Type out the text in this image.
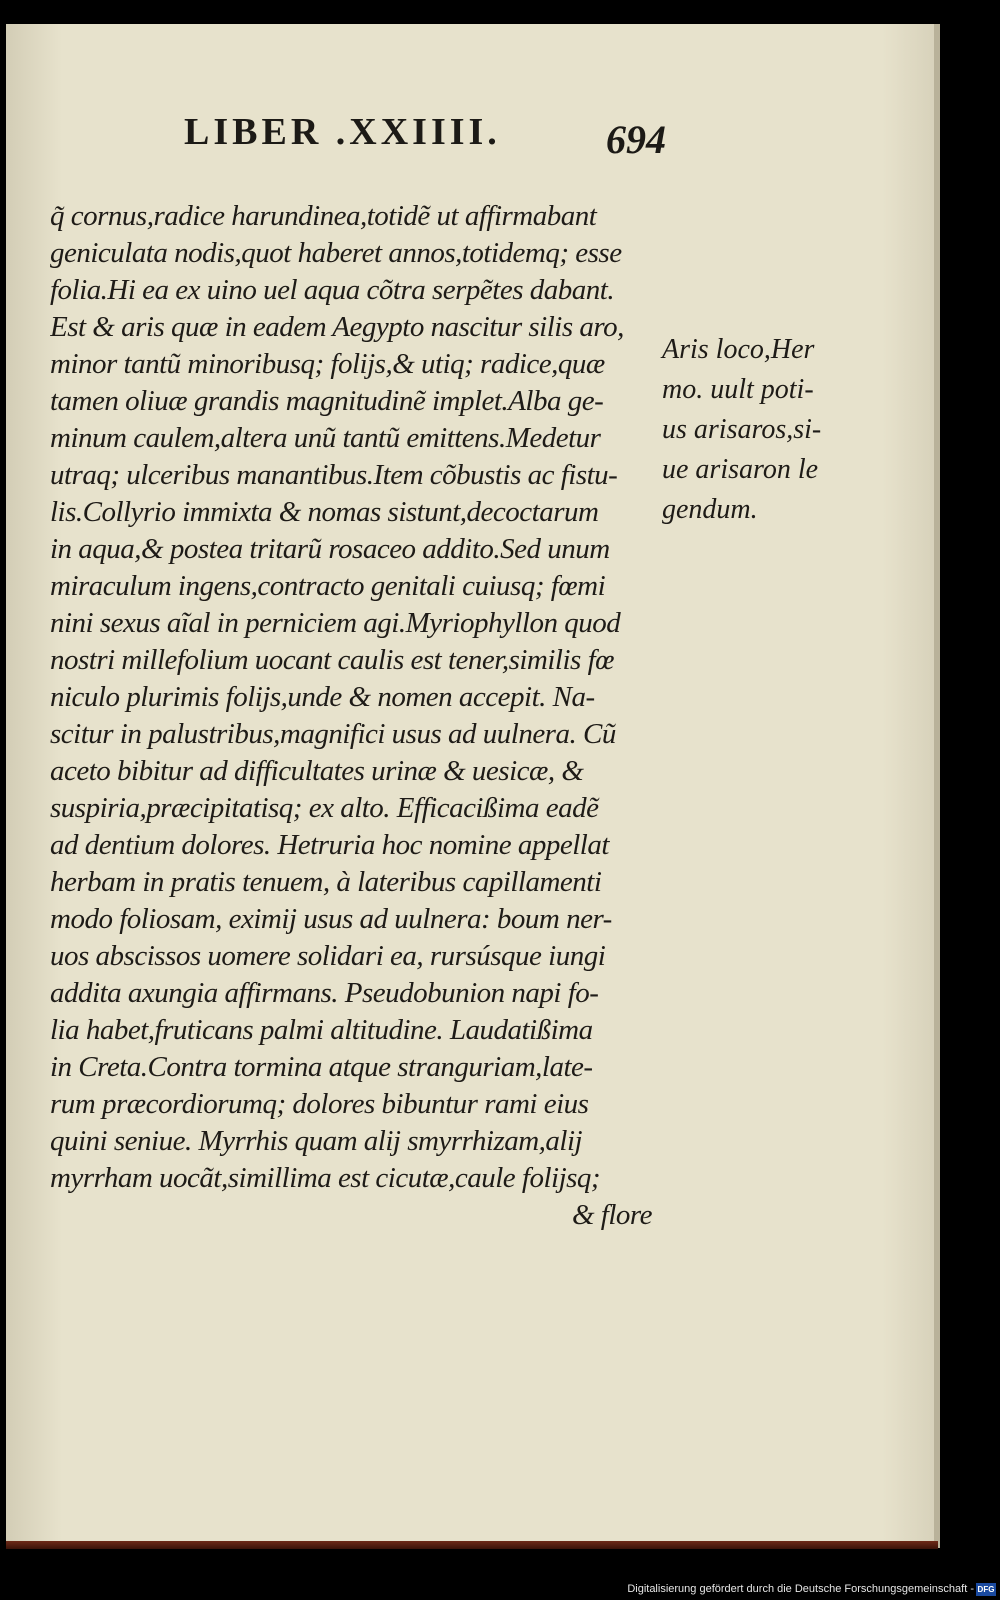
LIBER .XXIIII.	694
q̃ cornus,radice harundinea,totidẽ ut affirmabant
geniculata nodis,quot haberet annos,totidemq; esse
folia.Hi ea ex uino uel aqua cõtra serpẽtes dabant.
Est & aris quæ in eadem Aegypto nascitur silis aro,
minor tantũ minoribusq; folijs,& utiq; radice,quæ
tamen oliuæ grandis magnitudinẽ implet.Alba ge-
minum caulem,altera unũ tantũ emittens.Medetur
utraq; ulceribus manantibus.Item cõbustis ac fistu-
lis.Collyrio immixta & nomas sistunt,decoctarum
in aqua,& postea tritarũ rosaceo addito.Sed unum
miraculum ingens,contracto genitali cuiusq; fœmi
nini sexus aĩal in perniciem agi.Myriophyllon quod
nostri millefolium uocant caulis est tener,similis fœ
niculo plurimis folijs,unde & nomen accepit. Na-
scitur in palustribus,magnifici usus ad uulnera. Cũ
aceto bibitur ad difficultates urinæ & uesicæ, &
suspiria,præcipitatisq; ex alto. Efficacißima eadẽ
ad dentium dolores. Hetruria hoc nomine appellat
herbam in pratis tenuem, à lateribus capillamenti
modo foliosam, eximij usus ad uulnera: boum ner-
uos abscissos uomere solidari ea, rursúsque iungi
addita axungia affirmans. Pseudobunion napi fo-
lia habet,fruticans palmi altitudine. Laudatißima
in Creta.Contra tormina atque stranguriam,late-
rum præcordiorumq; dolores bibuntur rami eius
quini seniue. Myrrhis quam alij smyrrhizam,alij
myrrham uocãt,simillima est cicutæ,caule folijsq;
& flore
Aris loco,Her
mo. uult poti-
us arisaros,si-
ue arisaron le
gendum.
Digitalisierung gefördert durch die Deutsche Forschungsgemeinschaft - DFG
